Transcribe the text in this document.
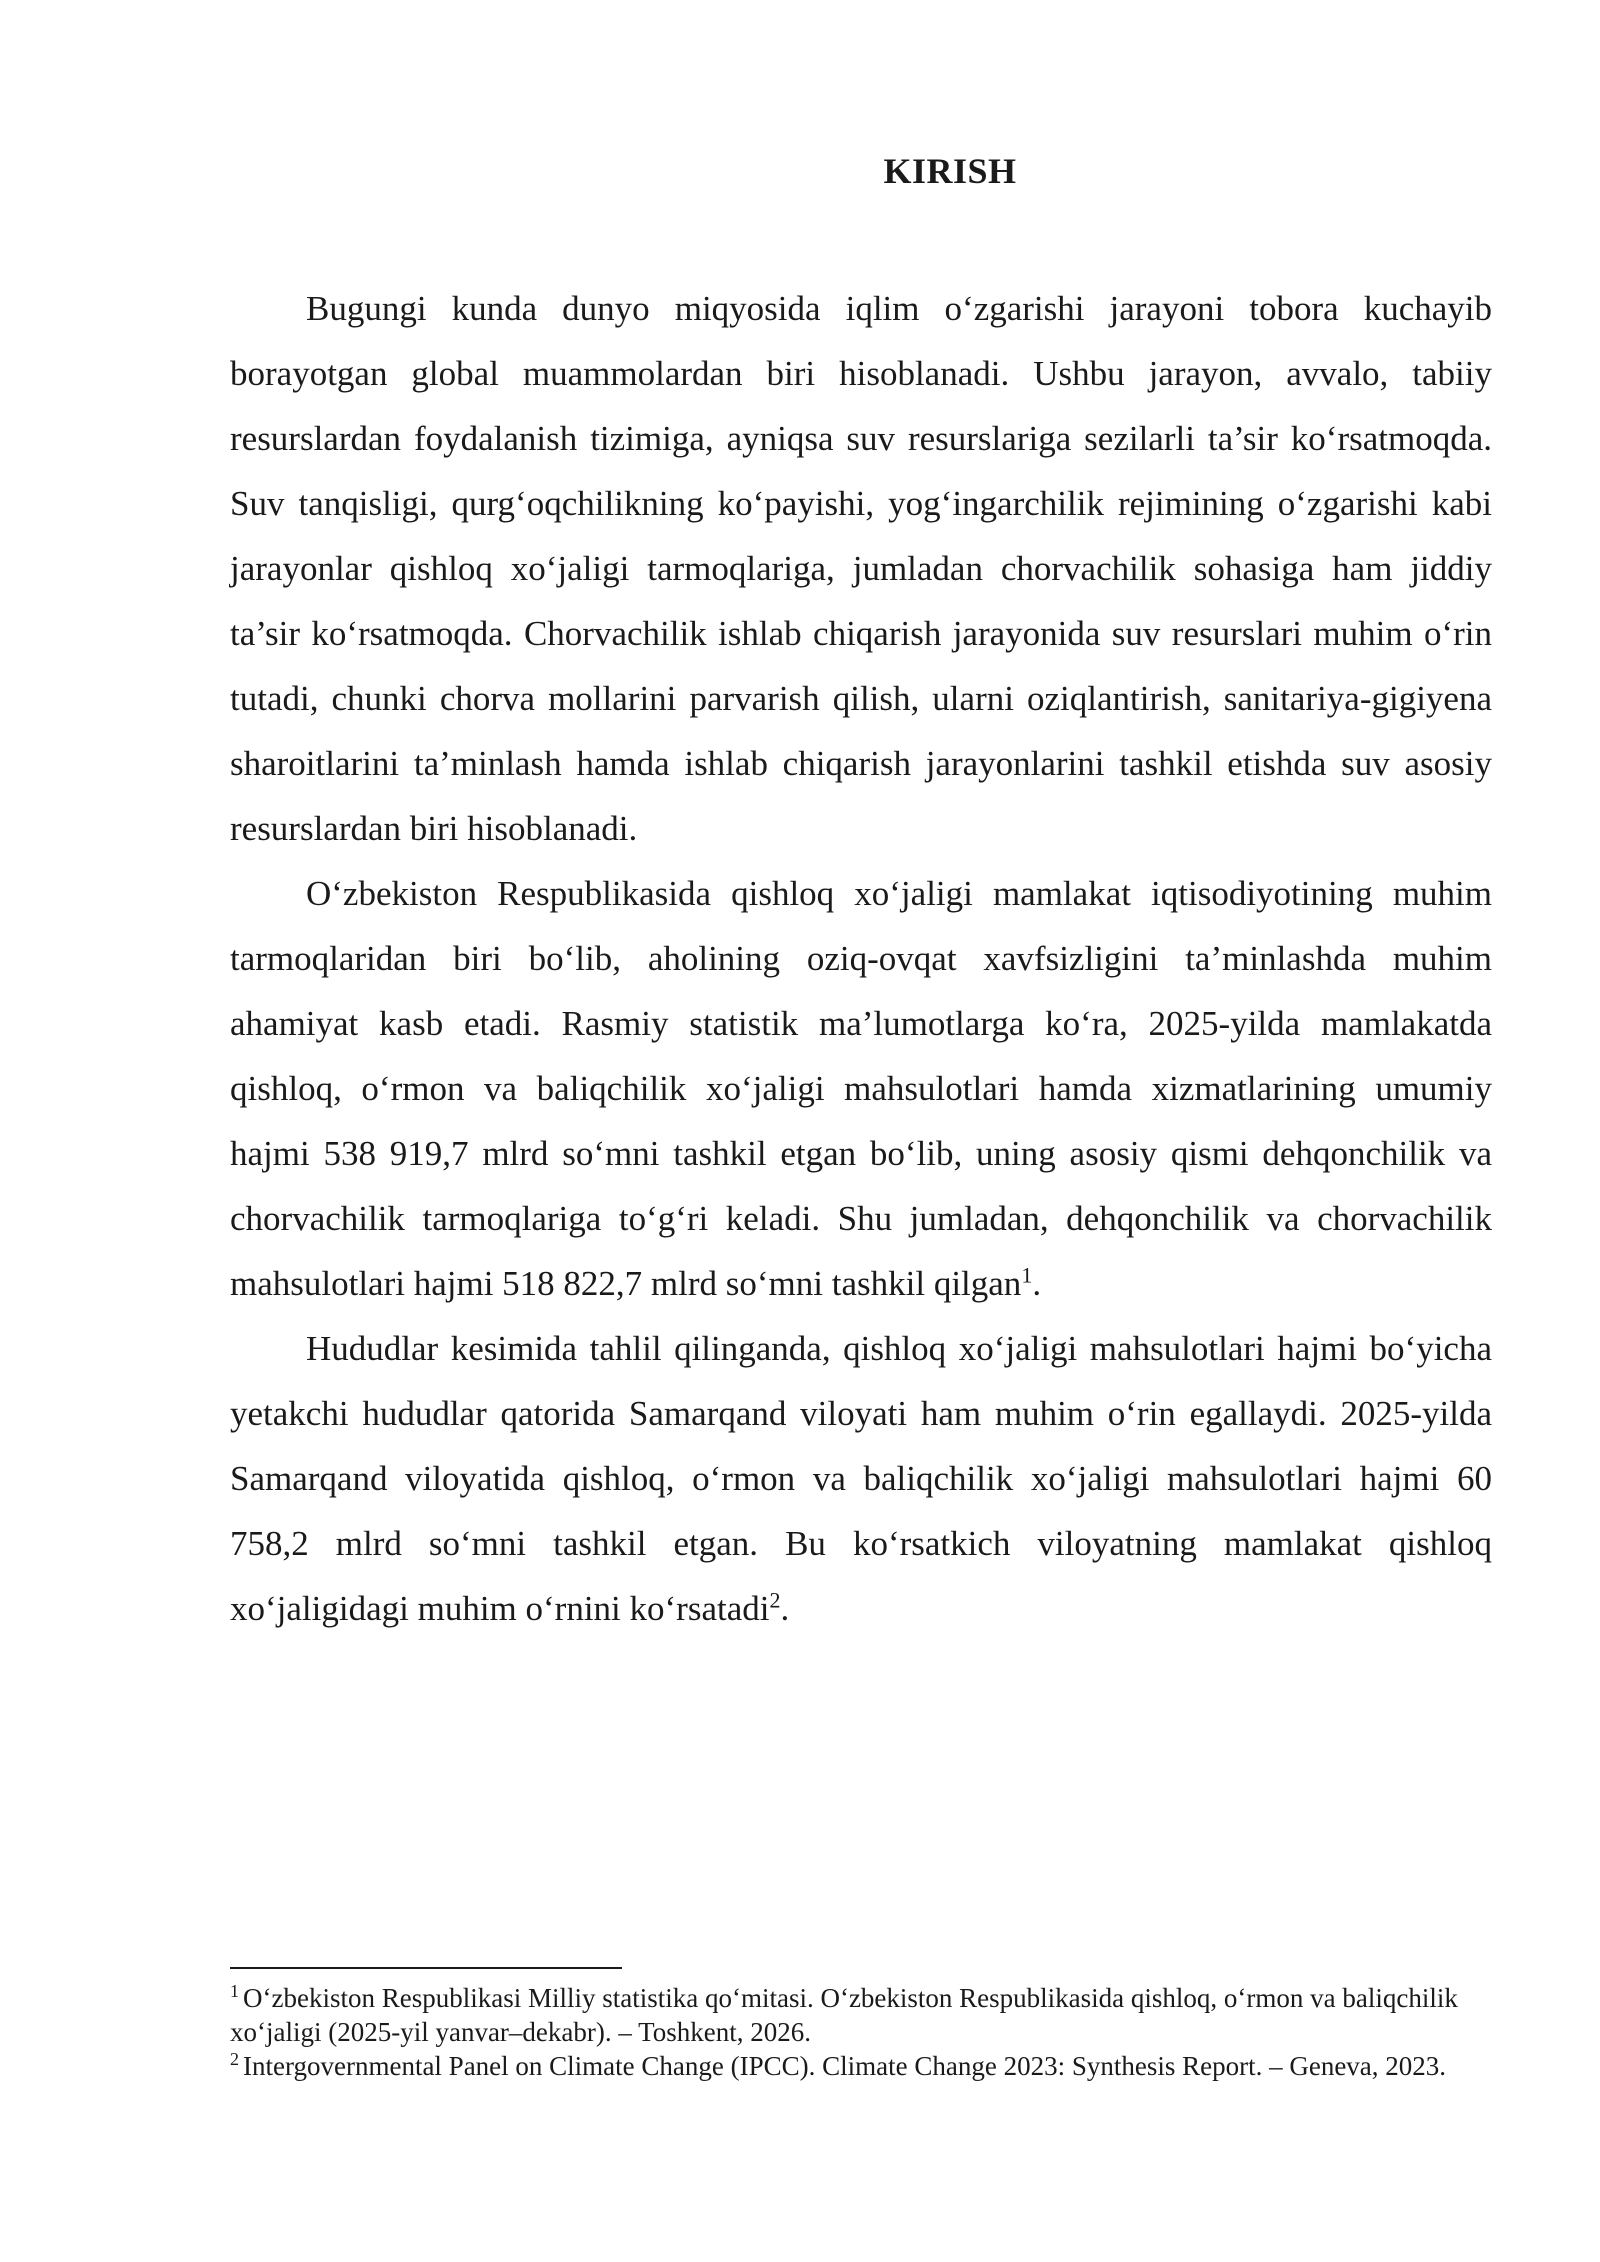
KIRISH

Bugungi kunda dunyo miqyosida iqlim o‘zgarishi jarayoni tobora kuchayib borayotgan global muammolardan biri hisoblanadi. Ushbu jarayon, avvalo, tabiiy resurslardan foydalanish tizimiga, ayniqsa suv resurslariga sezilarli ta’sir ko‘rsatmoqda. Suv tanqisligi, qurg‘oqchilikning ko‘payishi, yog‘ingarchilik rejimining o‘zgarishi kabi jarayonlar qishloq xo‘jaligi tarmoqlariga, jumladan chorvachilik sohasiga ham jiddiy ta’sir ko‘rsatmoqda. Chorvachilik ishlab chiqarish jarayonida suv resurslari muhim o‘rin tutadi, chunki chorva mollarini parvarish qilish, ularni oziqlantirish, sanitariya-gigiyena sharoitlarini ta’minlash hamda ishlab chiqarish jarayonlarini tashkil etishda suv asosiy resurslardan biri hisoblanadi.

O‘zbekiston Respublikasida qishloq xo‘jaligi mamlakat iqtisodiyotining muhim tarmoqlaridan biri bo‘lib, aholining oziq-ovqat xavfsizligini ta’minlashda muhim ahamiyat kasb etadi. Rasmiy statistik ma’lumotlarga ko‘ra, 2025-yilda mamlakatda qishloq, o‘rmon va baliqchilik xo‘jaligi mahsulotlari hamda xizmatlarining umumiy hajmi 538 919,7 mlrd so‘mni tashkil etgan bo‘lib, uning asosiy qismi dehqonchilik va chorvachilik tarmoqlariga to‘g‘ri keladi. Shu jumladan, dehqonchilik va chorvachilik mahsulotlari hajmi 518 822,7 mlrd so‘mni tashkil qilgan$^1$.

Hududlar kesimida tahlil qilinganda, qishloq xo‘jaligi mahsulotlari hajmi bo‘yicha yetakchi hududlar qatorida Samarqand viloyati ham muhim o‘rin egallaydi. 2025-yilda Samarqand viloyatida qishloq, o‘rmon va baliqchilik xo‘jaligi mahsulotlari hajmi 60 758,2 mlrd so‘mni tashkil etgan. Bu ko‘rsatkich viloyatning mamlakat qishloq xo‘jaligidagi muhim o‘rnini ko‘rsatadi$^2$.

$^1$ O‘zbekiston Respublikasi Milliy statistika qo‘mitasi. O‘zbekiston Respublikasida qishloq, o‘rmon va baliqchilik xo‘jaligi (2025-yil yanvar–dekabr). – Toshkent, 2026.

$^2$ Intergovernmental Panel on Climate Change (IPCC). Climate Change 2023: Synthesis Report. – Geneva, 2023.
